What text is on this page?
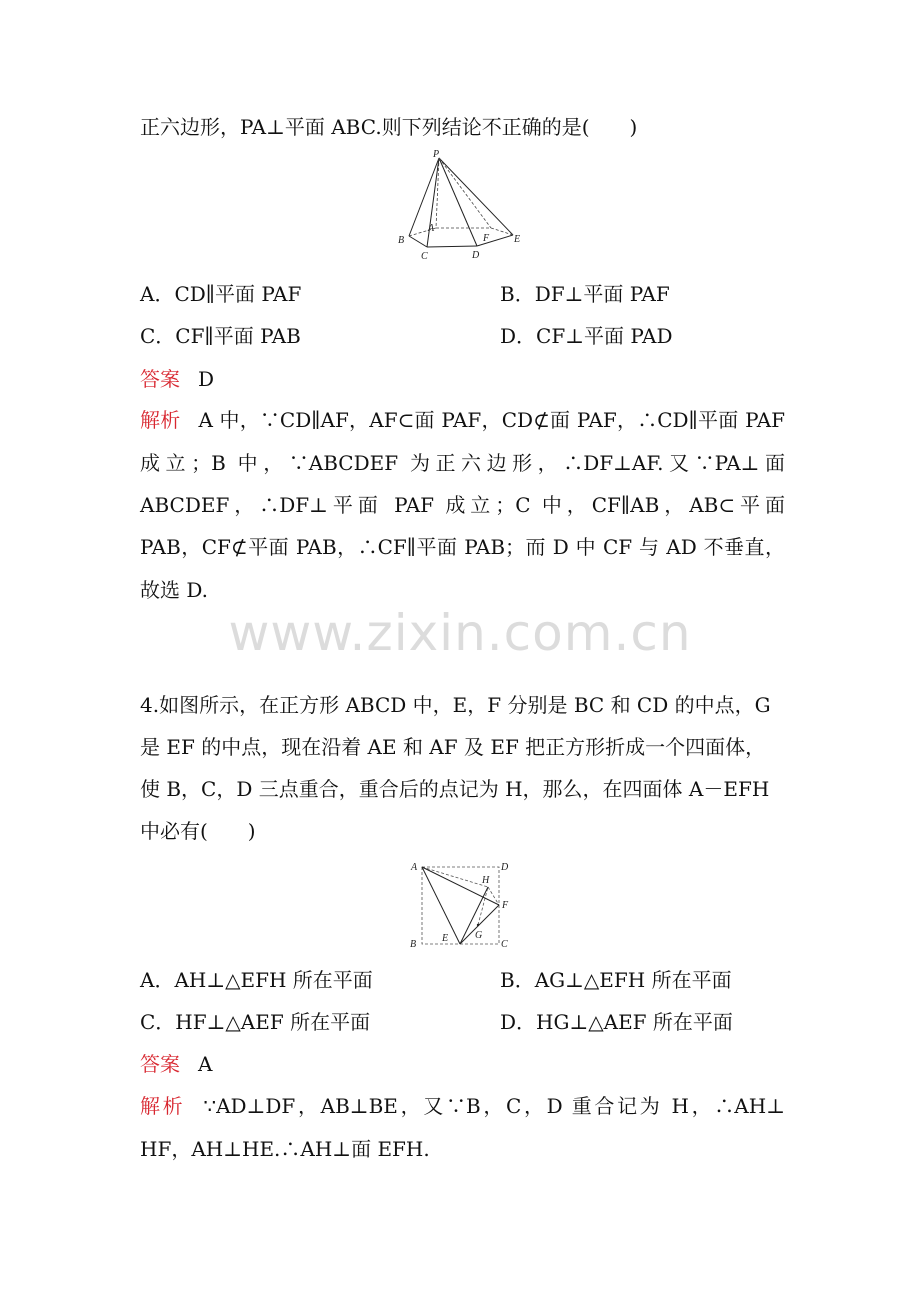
正六边形，PA⊥平面 ABC.则下列结论不正确的是(　　)
P
A
B
C	D
E
F
A．CD∥平面 PAF	B．DF⊥平面 PAF
C．CF∥平面 PAB	D．CF⊥平面 PAD
答案 D
解析 A 中，∵CD∥AF，AF⊂面 PAF，CD⊄面 PAF，∴CD∥平面 PAF
成立；B 中，∵ABCDEF 为正六边形，∴DF⊥AF.又∵PA⊥面
ABCDEF，∴DF⊥平面 PAF 成立；C 中，CF∥AB，AB⊂平面
PAB，CF⊄平面 PAB，∴CF∥平面 PAB；而 D 中 CF 与 AD 不垂直，
故选 D.
www.zixin.com.cn
4.如图所示，在正方形 ABCD 中，E，F 分别是 BC 和 CD 的中点，G
是 EF 的中点，现在沿着 AE 和 AF 及 EF 把正方形折成一个四面体，
使 B，C，D 三点重合，重合后的点记为 H，那么，在四面体 A－EFH
中必有(　　)
A	D
B	C
E
F
G
H
A．AH⊥△EFH 所在平面	B．AG⊥△EFH 所在平面
C．HF⊥△AEF 所在平面	D．HG⊥△AEF 所在平面
答案 A
解析 ∵AD⊥DF，AB⊥BE，又∵B，C，D 重合记为 H，∴AH⊥
HF，AH⊥HE.∴AH⊥面 EFH.
